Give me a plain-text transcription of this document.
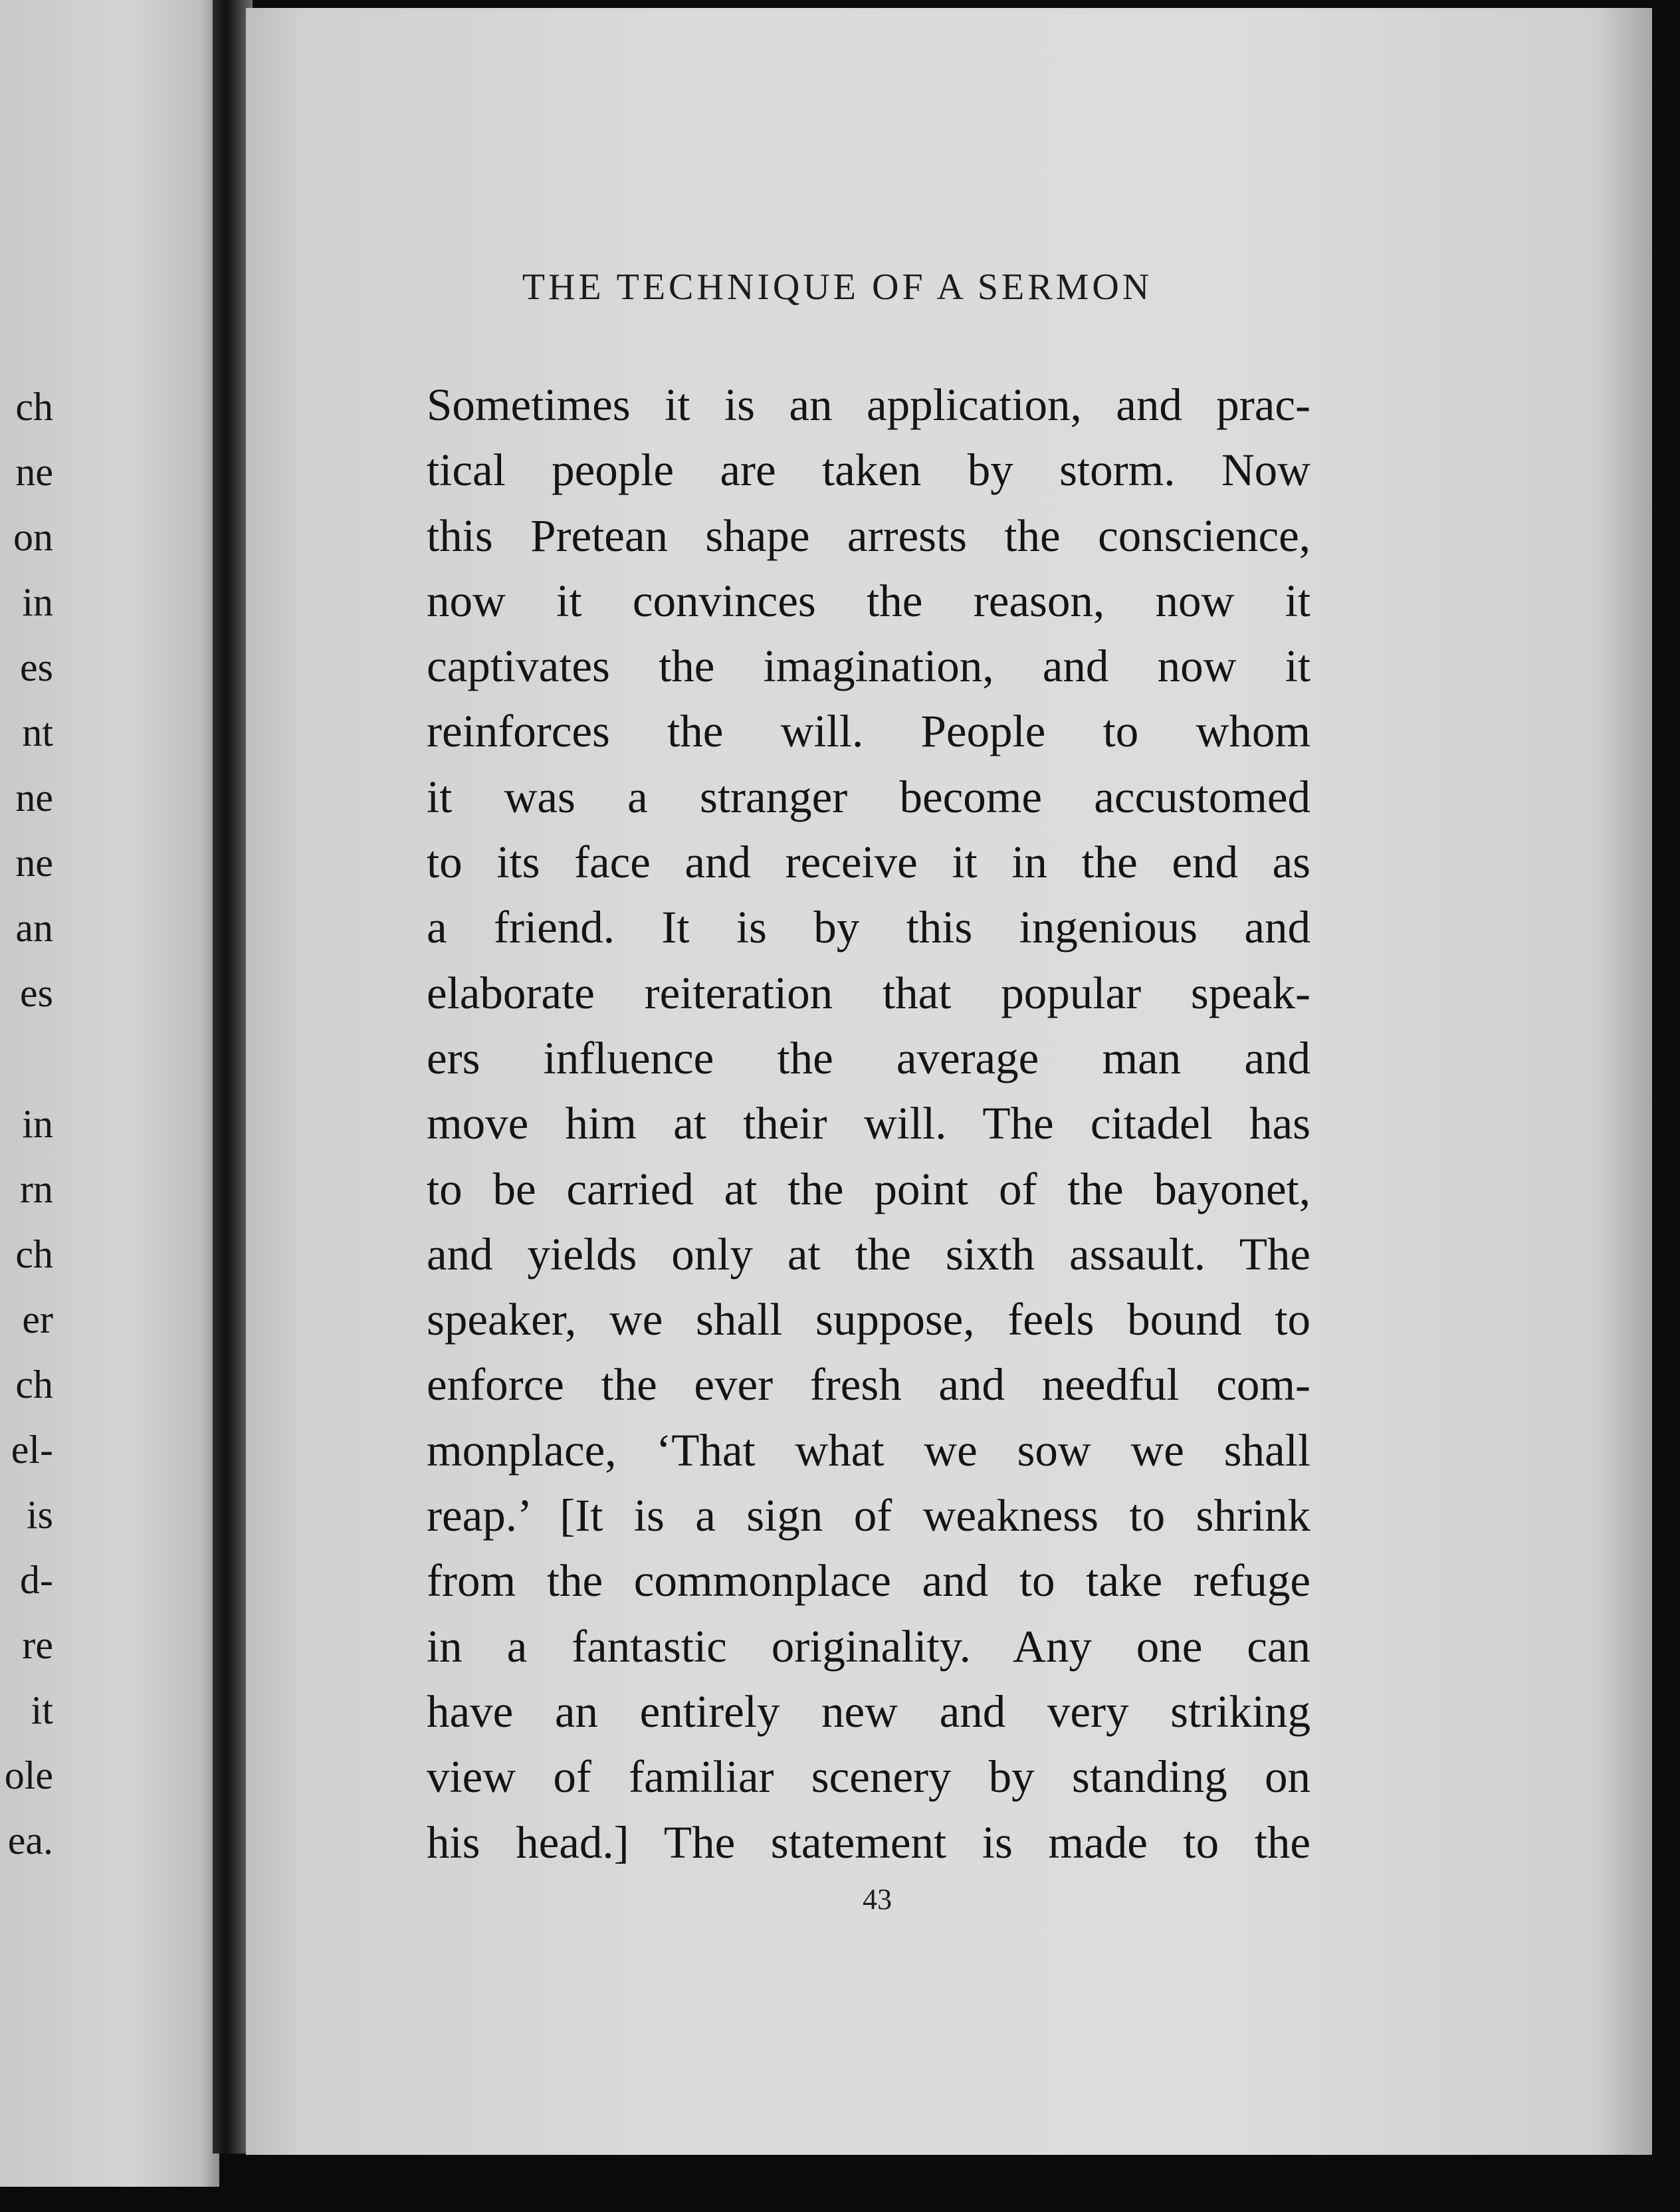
ch
ne
on
in
es
nt
ne
ne
an
es
in
rn
ch
er
ch
el-
is
d-
re
it
ole
ea.
THE TECHNIQUE OF A SERMON
Sometimes it is an application, and prac-
tical people are taken by storm. Now
this Pretean shape arrests the conscience,
now it convinces the reason, now it
captivates the imagination, and now it
reinforces the will. People to whom
it was a stranger become accustomed
to its face and receive it in the end as
a friend. It is by this ingenious and
elaborate reiteration that popular speak-
ers influence the average man and
move him at their will. The citadel has
to be carried at the point of the bayonet,
and yields only at the sixth assault. The
speaker, we shall suppose, feels bound to
enforce the ever fresh and needful com-
monplace, ‘That what we sow we shall
reap.’ [It is a sign of weakness to shrink
from the commonplace and to take refuge
in a fantastic originality. Any one can
have an entirely new and very striking
view of familiar scenery by standing on
his head.] The statement is made to the
43
